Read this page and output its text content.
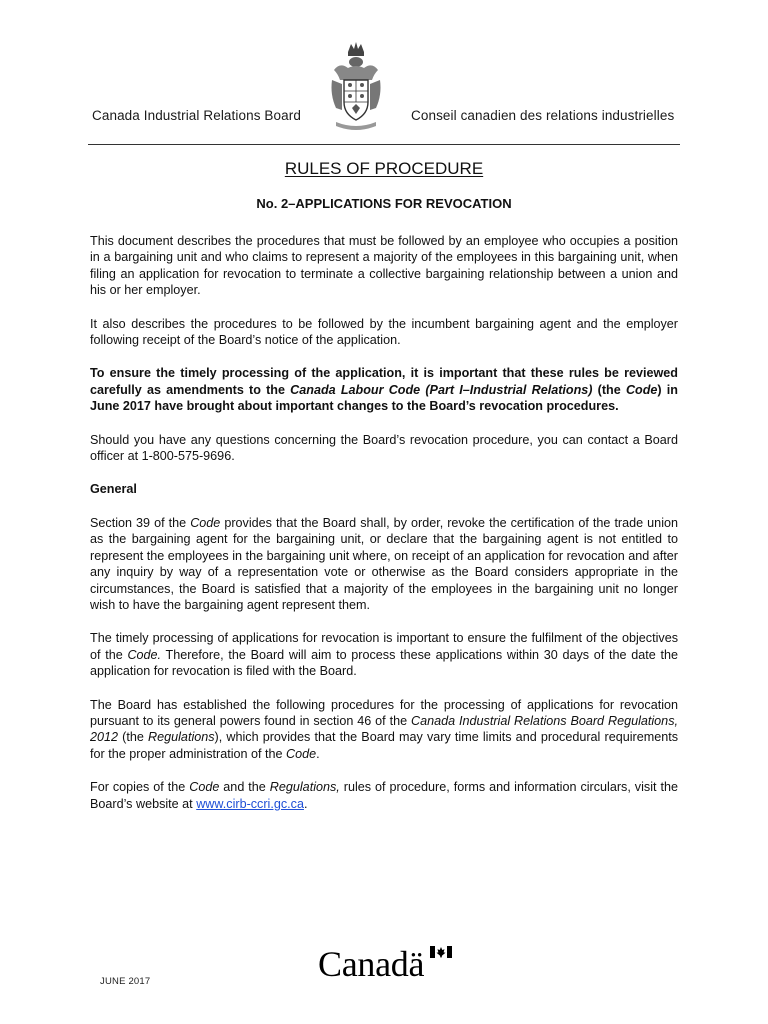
Canada Industrial Relations Board	Conseil canadien des relations industrielles
RULES OF PROCEDURE
No. 2–APPLICATIONS FOR REVOCATION

This document describes the procedures that must be followed by an employee who occupies a position in a bargaining unit and who claims to represent a majority of the employees in this bargaining unit, when filing an application for revocation to terminate a collective bargaining relationship between a union and his or her employer.

It also describes the procedures to be followed by the incumbent bargaining agent and the employer following receipt of the Board’s notice of the application.

To ensure the timely processing of the application, it is important that these rules be reviewed carefully as amendments to the Canada Labour Code (Part I–Industrial Relations) (the Code) in June 2017 have brought about important changes to the Board’s revocation procedures.

Should you have any questions concerning the Board’s revocation procedure, you can contact a Board officer at 1-800-575-9696.

General

Section 39 of the Code provides that the Board shall, by order, revoke the certification of the trade union as the bargaining agent for the bargaining unit, or declare that the bargaining agent is not entitled to represent the employees in the bargaining unit where, on receipt of an application for revocation and after any inquiry by way of a representation vote or otherwise as the Board considers appropriate in the circumstances, the Board is satisfied that a majority of the employees in the bargaining unit no longer wish to have the bargaining agent represent them.

The timely processing of applications for revocation is important to ensure the fulfilment of the objectives of the Code. Therefore, the Board will aim to process these applications within 30 days of the date the application for revocation is filed with the Board.

The Board has established the following procedures for the processing of applications for revocation pursuant to its general powers found in section 46 of the Canada Industrial Relations Board Regulations, 2012 (the Regulations), which provides that the Board may vary time limits and procedural requirements for the proper administration of the Code.

For copies of the Code and the Regulations, rules of procedure, forms and information circulars, visit the Board’s website at www.cirb-ccri.gc.ca.

JUNE 2017	Canadä
